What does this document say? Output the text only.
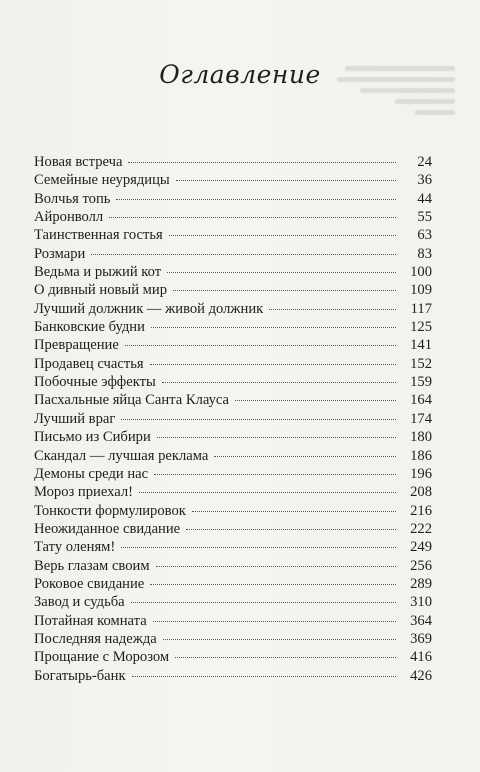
Оглавление
Новая встреча	24
Семейные неурядицы	36
Волчья топь	44
Айронволл	55
Таинственная гостья	63
Розмари	83
Ведьма и рыжий кот	100
О дивный новый мир	109
Лучший должник — живой должник	117
Банковские будни	125
Превращение	141
Продавец счастья	152
Побочные эффекты	159
Пасхальные яйца Санта Клауса	164
Лучший враг	174
Письмо из Сибири	180
Скандал — лучшая реклама	186
Демоны среди нас	196
Мороз приехал!	208
Тонкости формулировок	216
Неожиданное свидание	222
Тату оленям!	249
Верь глазам своим	256
Роковое свидание	289
Завод и судьба	310
Потайная комната	364
Последняя надежда	369
Прощание с Морозом	416
Богатырь-банк	426
